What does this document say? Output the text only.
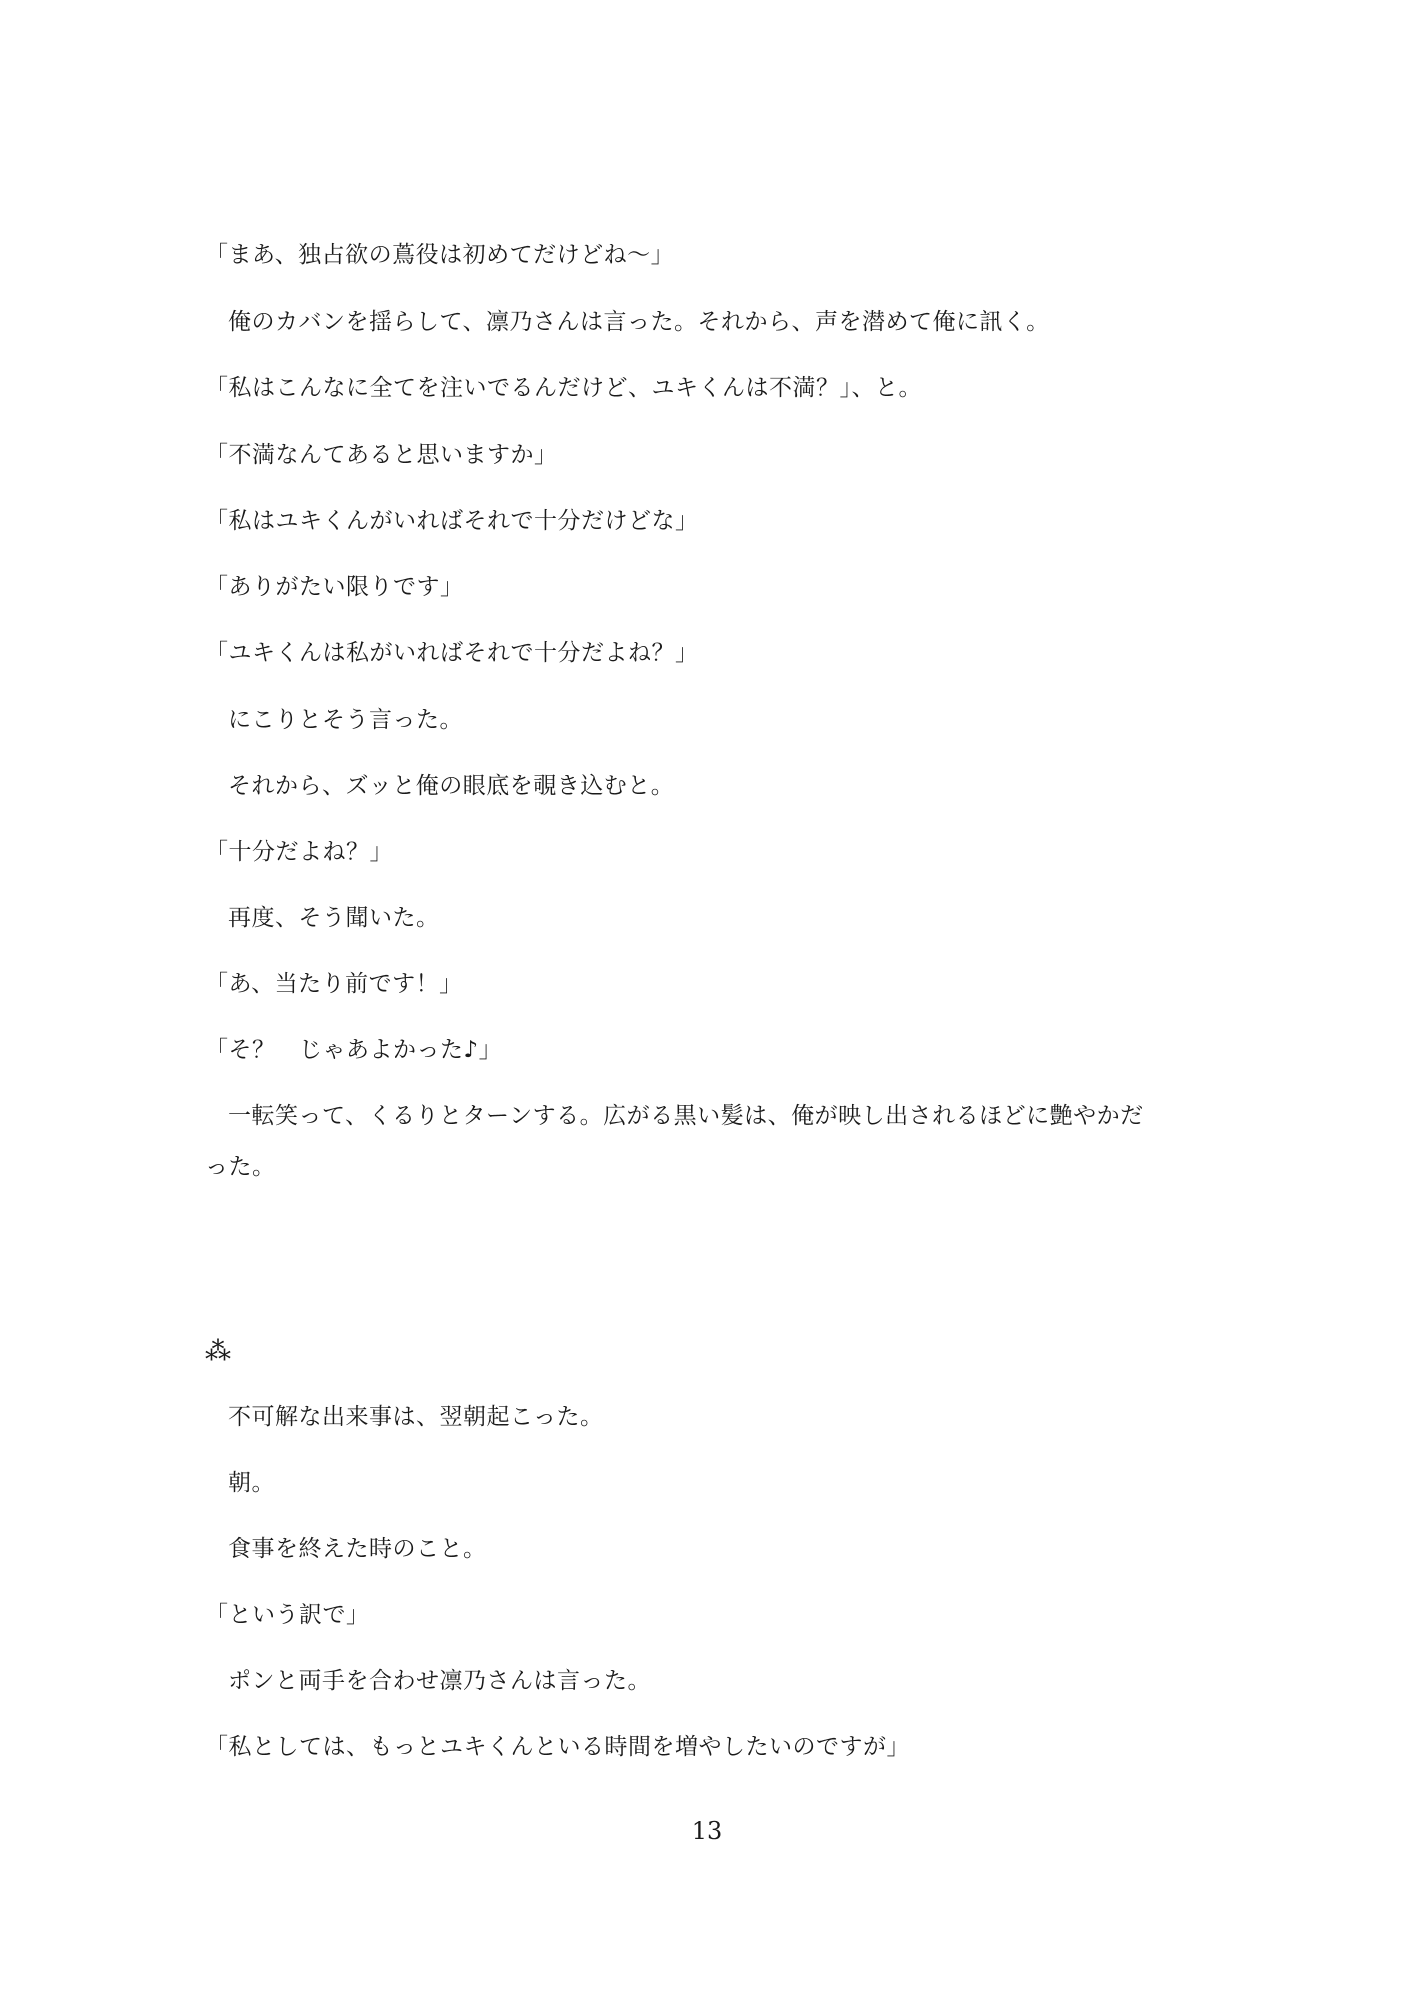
「まあ、独占欲の蔦役は初めてだけどね～」
俺のカバンを揺らして、凛乃さんは言った。それから、声を潜めて俺に訊く。
「私はこんなに全てを注いでるんだけど、ユキくんは不満？」、と。
「不満なんてあると思いますか」
「私はユキくんがいればそれで十分だけどな」
「ありがたい限りです」
「ユキくんは私がいればそれで十分だよね？」
にこりとそう言った。
それから、ズッと俺の眼底を覗き込むと。
「十分だよね？」
再度、そう聞いた。
「あ、当たり前です！」
「そ？　じゃあよかった♪」
一転笑って、くるりとターンする。広がる黒い髪は、俺が映し出されるほどに艶やかだ
った。
⁂
不可解な出来事は、翌朝起こった。
朝。
食事を終えた時のこと。
「という訳で」
ポンと両手を合わせ凛乃さんは言った。
「私としては、もっとユキくんといる時間を増やしたいのですが」
13
